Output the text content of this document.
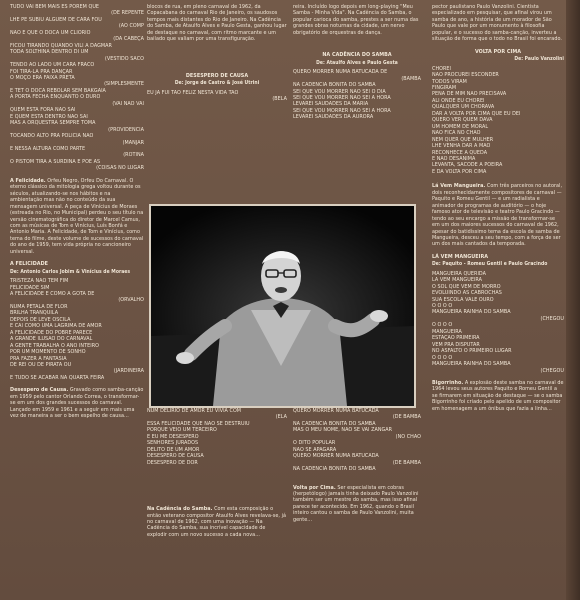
TUDO VAI BEM MAIS ÉS PORÉM QUE
(DE REPENTE
LHE PE SUBIU ALGUÉM DE CARA FOU
(AO COMP
NÃO É QUE O DOCA UM CLIORIO
(DA CABEÇA
FICOU TIRANDO QUANDO VILI A DAGMAR
TODA SOLTHINA DENTRO DI UM
(VESTIDO SACO
TENDO AO LADO UM CARA FRACO
FOI TIRA-LA PRA DANÇAR
O MOÇO ERA FAIXA PRETA
(SIMPLESMENTE
E TET O DOCA REBOLAR SEM BAKGAIA
A PORTA FECHA ENQUANTO O DURO
(VAI NÃO VAI
QUEM ESTA FORA NÃO SAI
E QUEM ESTA DENTRO NÃO SAI
MAS A ORQUESTRA SEMPRE TOMA
(PROVIDENCIA
TOCANDO ALTO PRA POLÍCIA NÃO
(MANJAR
E NESSA ALTURA COMO PARTE
(ROTINA
O PISTOM TIRA A SURDINA E PÕE AS
(COISAS NO LUGAR

A Felicidade. Orfeu Negro, Orfeu Do Carnaval. O eterno clássico da mitologia grega voltou durante os séculos, atualizando-se nos hábitos e na ambientação mas não no conteúdo da sua mensagem universal. A peça de Vinícius de Moraes (estreada no Rio, no Municipal) perdeu o seu título na versão cinematográfica do diretor de Marcel Camus, com as músicas de Tom e Vinícius, Luís Bonfá e Antonio Maria. A Felicidade, de Tom e Vinícius, como tema do filme, deste volume de sucessos do carnaval do ano de 1959, tem vida própria no cancioneiro universal.

A FELICIDADE
De: Antonio Carlos Jobim & Vinícius de Moraes
TRISTEZA NÃO TEM FIM
FELICIDADE SIM
A FELICIDADE É COMO A GOTA DE
(ORVALHO
NUMA PÉTALA DE FLOR
BRILHA TRANQUILA
DEPOIS DE LEVE OSCILA
E CAI COMO UMA LÁGRIMA DE AMOR
A FELICIDADE DO POBRE PARECE
A GRANDE ILUSÃO DO CARNAVAL
A GENTE TRABALHA O ANO INTEIRO
POR UM MOMENTO DE SONHO
PRA FAZER A FANTASIA
DE REI OU DE PIRATA OU
(JARDINEIRA
E TUDO SE ACABAR NA QUARTA FEIRA

Desespero de Causa. Gravado como samba-canção em 1959 pelo cantor Orlando Correa, o transformar-se em um dos grandes sucessos do carnaval. Lançado em 1959 e 1961 e a seguir em mais uma vez de maneira a ser o bem espelho de causa...

blocos de rua, em pleno carnaval de 1962, da Copacabana do carnaval Rio de Janeiro, os saudosos tempos mais distantes do Rio de Janeiro. Na Cadência do Samba, de Ataulfo Alves e Paulo Gesta, ganhou lugar de destaque no carnaval, com ritmo marcante e um bailado que valiam por uma transfiguração.

DESESPERO DE CAUSA
De: Jorge de Castro & José Utrini
EU JÁ FUI TÃO FELIZ NESTA VIDA TÃO
(BELA
NUM DELÍRIO DE AMOR EU VIVIA COM
(ELA
ESSA FELICIDADE QUE NÃO SE DESTRUIU
PORQUE VEIO UM TERCEIRO
E EU ME DESESPERO
SENHORES JURADOS
DELITO DE UM AMOR
DESESPERO DE CAUSA
DESESPERO DE DOR

Na Cadência do Samba. Com esta composição o então veterano compositor Ataulfo Alves revelava-se, já no carnaval de 1962, com uma inovação — Na Cadência do Samba, sua incrível capacidade de explodir com um novo sucesso a cada nova...

reira. Incluído logo depois em long-playing "Meu Samba - Minha Vida". Na Cadência do Samba, o popular carioca do samba, prestes a ser numa das grandes obras noturnas da cidade, um nervo obrigatório de orquestras de dança.

NA CADÊNCIA DO SAMBA
De: Ataulfo Alves e Paulo Gesta
QUERO MORRER NUMA BATUCADA DE
(BAMBA
NA CADÊNCIA BONITA DO SAMBA
SEI QUE VOU MORRER NÃO SEI O DIA
SEI QUE VOU MORRER NÃO SEI A HORA
LEVAREI SAUDADES DA MARIA
SEI QUE VOU MORRER NÃO SEI A HORA
LEVAREI SAUDADES DA AURORA
QUERO MORRER NUMA BATUCADA
(DE BAMBA
NA CADÊNCIA BONITA DO SAMBA
MAS O MEU NOME, NÃO SE VAI ZANGAR
(NO CHÃO
O DITO POPULAR
NÃO SE APAGARÁ
QUERO MORRER NUMA BATUCADA
(DE BAMBA
NA CADÊNCIA BONITA DO SAMBA

Volta por Cima. Ser especialista em cobras (herpetólogo) jamais tinha deixado Paulo Vanzolini também ser um mestre do samba, mas isso afinal parece ter acontecido. Em 1962, quando o Brasil inteiro cantou o samba de Paulo Vanzolini, muita gente...

pector paulistano Paulo Vanzolini. Cientista especializado em pesquisar, que afinal virou um samba de ano, a história de um morador de São Paulo que vale por um monumento à filosofia popular, e o sucesso do samba-canção, inverteu a situação de forma que o todo no Brasil foi encarado.

VOLTA POR CIMA
De: Paulo Vanzolini
CHOREI
NÃO PROCUREI ESCONDER
TODOS VIRAM
FINGIRAM
PENA DE MIM NÃO PRECISAVA
ALI ONDE EU CHOREI
QUALQUER UM CHORAVA
DAR A VOLTA POR CIMA QUE EU DEI
QUERO VER QUEM DAVA
UM HOMEM DE MORAL
NÃO FICA NO CHÃO
NEM QUER QUE MULHER
LHE VENHA DAR A MÃO
RECONHECE A QUEDA
E NÃO DESANIMA
LEVANTA, SACODE A POEIRA
E DÁ VOLTA POR CIMA

Lá Vem Mangueira. Com três parceiros no autoral, dois reconhecidamente compositores de carnaval — Paquito e Romeu Gentil — e um radialista e animador de programas de auditório — o hoje famoso ator de televisão e teatro Paulo Gracindo — tendo ao seu encargo a missão de transformar-se em um dos maiores sucessos do carnaval de 1962, apesar do batidíssimo tema da escola de samba de Mangueira, desceu a seu tempo, com a força de ser um dos mais cantados da temporada.

LÁ VEM MANGUEIRA
De: Paquito - Romeu Gentil e Paulo Gracindo
MANGUEIRA QUERIDA
LÁ VEM MANGUEIRA
O SOL QUE VEM DE MORRO
EVOLUINDO AS CABROCHAS
SUA ESCOLA VALE OURO
Ô Ô Ô Ô
MANGUEIRA RAINHA DO SAMBA
(CHEGOU
Ô Ô Ô Ô
MANGUEIRA
ESTAÇÃO PRIMEIRA
VEM PRA DISPUTAR
NO ASFALTO O PRIMEIRO LUGAR
Ô Ô Ô Ô
MANGUEIRA RAINHA DO SAMBA
(CHEGOU

Bigorrinho. A explosão deste samba no carnaval de 1964 levou seus autores Paquito e Romeu Gentil a se firmarem em situação de destaque — se o samba Bigorrinho foi criado pelo apelido de um compositor em homenagem a um ônibus que fazia a linha...
